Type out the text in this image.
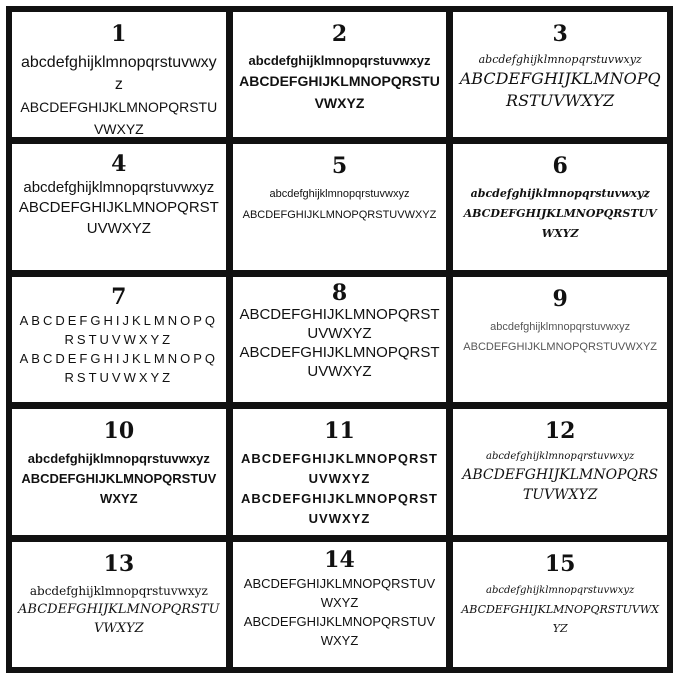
1
abcdefghijklmnopqrstuvwxyz
ABCDEFGHIJKLMNOPQRSTUVWXYZ
2
abcdefghijklmnopqrstuvwxyz
ABCDEFGHIJKLMNOPQRSTUVWXYZ
3
abcdefghijklmnopqrstuvwxyz
ABCDEFGHIJKLMNOPQRSTUVWXYZ
4
abcdefghijklmnopqrstuvwxyz
ABCDEFGHIJKLMNOPQRSTUVWXYZ
5
abcdefghijklmnopqrstuvwxyz
ABCDEFGHIJKLMNOPQRSTUVWXYZ
6
abcdefghijklmnopqrstuvwxyz
ABCDEFGHIJKLMNOPQRSTUVWXYZ
7
ABCDEFGHIJKLMNOPQRSTUVWXYZ
ABCDEFGHIJKLMNOPQRSTUVWXYZ
8
ABCDEFGHIJKLMNOPQRSTUVWXYZ
ABCDEFGHIJKLMNOPQRSTUVWXYZ
9
abcdefghijklmnopqrstuvwxyz
ABCDEFGHIJKLMNOPQRSTUVWXYZ
10
abcdefghijklmnopqrstuvwxyz
ABCDEFGHIJKLMNOPQRSTUVWXYZ
11
ABCDEFGHIJKLMNOPQRSTUVWXYZ
ABCDEFGHIJKLMNOPQRSTUVWXYZ
12
abcdefghijklmnopqrstuvwxyz
ABCDEFGHIJKLMNOPQRSTUVWXYZ
13
abcdefghijklmnopqrstuvwxyz
ABCDEFGHIJKLMNOPQRSTUVWXYZ
14
ABCDEFGHIJKLMNOPQRSTUVWXYZ
ABCDEFGHIJKLMNOPQRSTUVWXYZ
15
abcdefghijklmnopqrstuvwxyz
ABCDEFGHIJKLMNOPQRSTUVWXYZ
